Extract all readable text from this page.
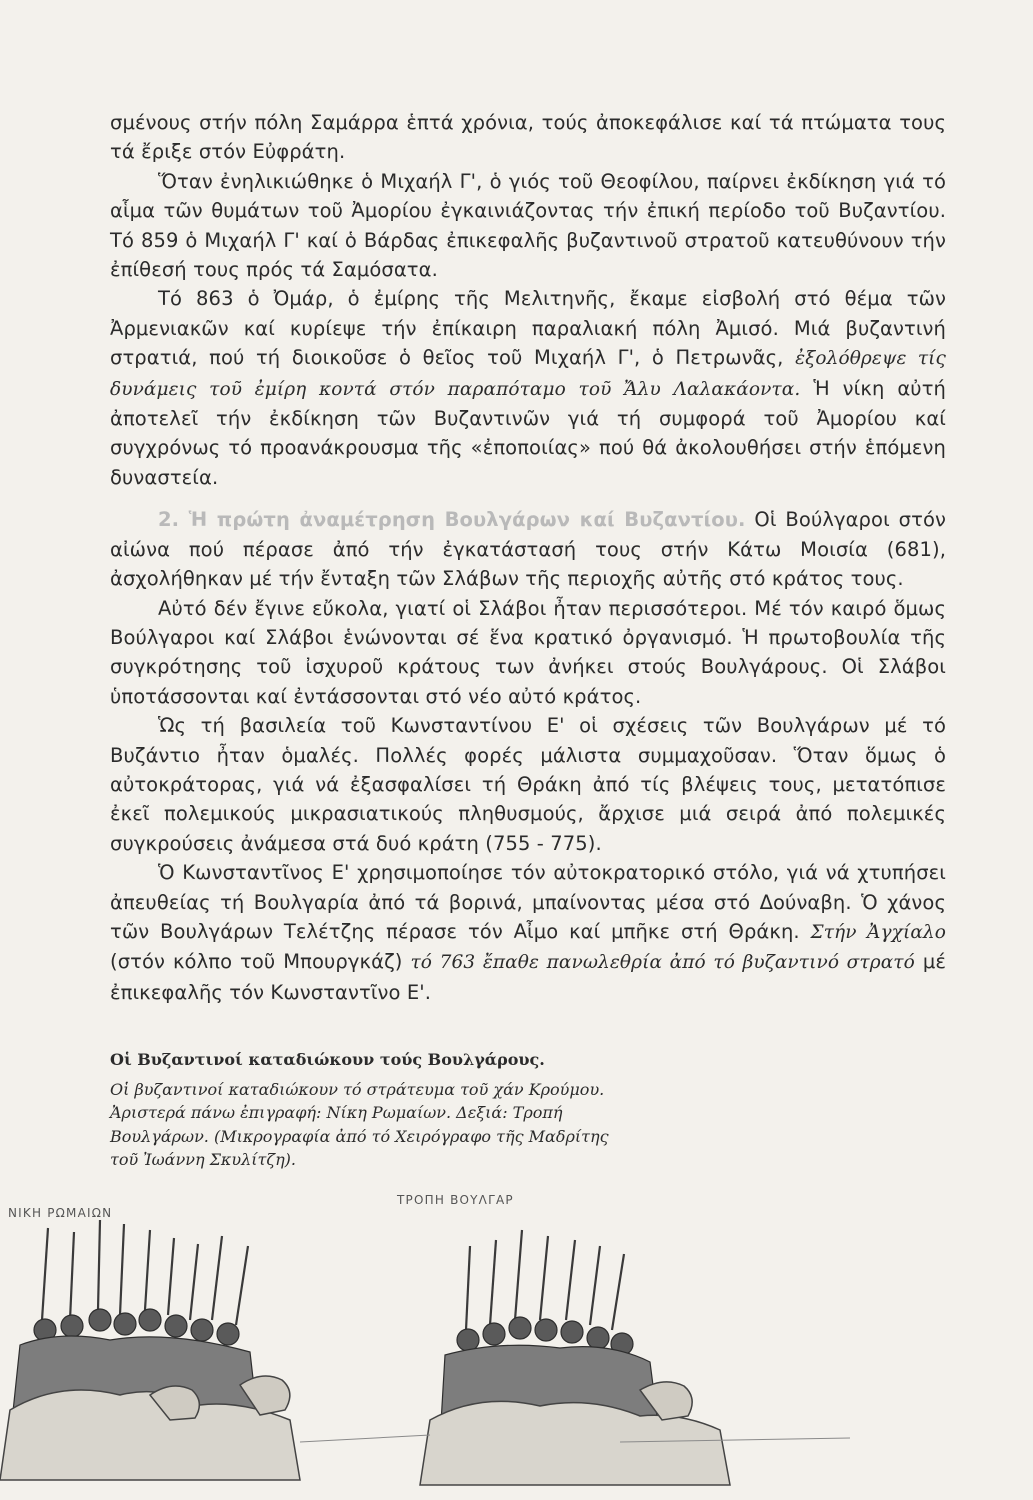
σμένους στήν πόλη Σαμάρρα ἑπτά χρόνια, τούς ἀποκεφάλισε καί τά πτώματα τους τά ἔριξε στόν Εὐφράτη.

Ὅταν ἐνηλικιώθηκε ὁ Μιχαήλ Γ', ὁ γιός τοῦ Θεοφίλου, παίρνει ἐκδίκηση γιά τό αἷμα τῶν θυμάτων τοῦ Ἀμορίου ἐγκαινιάζοντας τήν ἐπική περίοδο τοῦ Βυζαντίου. Τό 859 ὁ Μιχαήλ Γ' καί ὁ Βάρδας ἐπικεφαλῆς βυζαντινοῦ στρατοῦ κατευθύνουν τήν ἐπίθεσή τους πρός τά Σαμόσατα.

Τό 863 ὁ Ὀμάρ, ὁ ἐμίρης τῆς Μελιτηνῆς, ἔκαμε εἰσβολή στό θέμα τῶν Ἀρμενιακῶν καί κυρίεψε τήν ἐπίκαιρη παραλιακή πόλη Ἀμισό. Μιά βυζαντινή στρατιά, πού τή διοικοῦσε ὁ θεῖος τοῦ Μιχαήλ Γ', ὁ Πετρωνᾶς, ἐξολόθρεψε τίς δυνάμεις τοῦ ἐμίρη κοντά στόν παραπόταμο τοῦ Ἄλυ Λαλακάοντα. Ἡ νίκη αὐτή ἀποτελεῖ τήν ἐκδίκηση τῶν Βυζαντινῶν γιά τή συμφορά τοῦ Ἀμορίου καί συγχρόνως τό προανάκρουσμα τῆς «ἐποποιίας» πού θά ἀκολουθήσει στήν ἑπόμενη δυναστεία.

2. Ἡ πρώτη ἀναμέτρηση Βουλγάρων καί Βυζαντίου. Οἱ Βούλγαροι στόν αἰώνα πού πέρασε ἀπό τήν ἐγκατάστασή τους στήν Κάτω Μοισία (681), ἀσχολήθηκαν μέ τήν ἔνταξη τῶν Σλάβων τῆς περιοχῆς αὐτῆς στό κράτος τους.

Αὐτό δέν ἔγινε εὔκολα, γιατί οἱ Σλάβοι ἦταν περισσότεροι. Μέ τόν καιρό ὅμως Βούλγαροι καί Σλάβοι ἑνώνονται σέ ἕνα κρατικό ὀργανισμό. Ἡ πρωτοβουλία τῆς συγκρότησης τοῦ ἰσχυροῦ κράτους των ἀνήκει στούς Βουλγάρους. Οἱ Σλάβοι ὑποτάσσονται καί ἐντάσσονται στό νέο αὐτό κράτος.

Ὡς τή βασιλεία τοῦ Κωνσταντίνου Ε' οἱ σχέσεις τῶν Βουλγάρων μέ τό Βυζάντιο ἦταν ὁμαλές. Πολλές φορές μάλιστα συμμαχοῦσαν. Ὅταν ὅμως ὁ αὐτοκράτορας, γιά νά ἐξασφαλίσει τή Θράκη ἀπό τίς βλέψεις τους, μετατόπισε ἐκεῖ πολεμικούς μικρασιατικούς πληθυσμούς, ἄρχισε μιά σειρά ἀπό πολεμικές συγκρούσεις ἀνάμεσα στά δυό κράτη (755 - 775).

Ὁ Κωνσταντῖνος Ε' χρησιμοποίησε τόν αὐτοκρατορικό στόλο, γιά νά χτυπήσει ἀπευθείας τή Βουλγαρία ἀπό τά βορινά, μπαίνοντας μέσα στό Δούναβη. Ὁ χάνος τῶν Βουλγάρων Τελέτζης πέρασε τόν Αἶμο καί μπῆκε στή Θράκη. Στήν Ἀγχίαλο (στόν κόλπο τοῦ Μπουργκάζ) τό 763 ἔπαθε πανωλεθρία ἀπό τό βυζαντινό στρατό μέ ἐπικεφαλῆς τόν Κωνσταντῖνο Ε'.

Οἱ Βυζαντινοί καταδιώκουν τούς Βουλγάρους.

Οἱ βυζαντινοί καταδιώκουν τό στράτευμα τοῦ χάν Κρούμου. Ἀριστερά πάνω ἐπιγραφή: Νίκη Ρωμαίων. Δεξιά: Τροπή Βουλγάρων. (Μικρογραφία ἀπό τό Χειρόγραφο τῆς Μαδρίτης τοῦ Ἰωάννη Σκυλίτζη).

ΝΙΚΗ ΡΩΜΑΙΩΝ
ΤΡΟΠΗ ΒΟΥΛΓΑΡ
